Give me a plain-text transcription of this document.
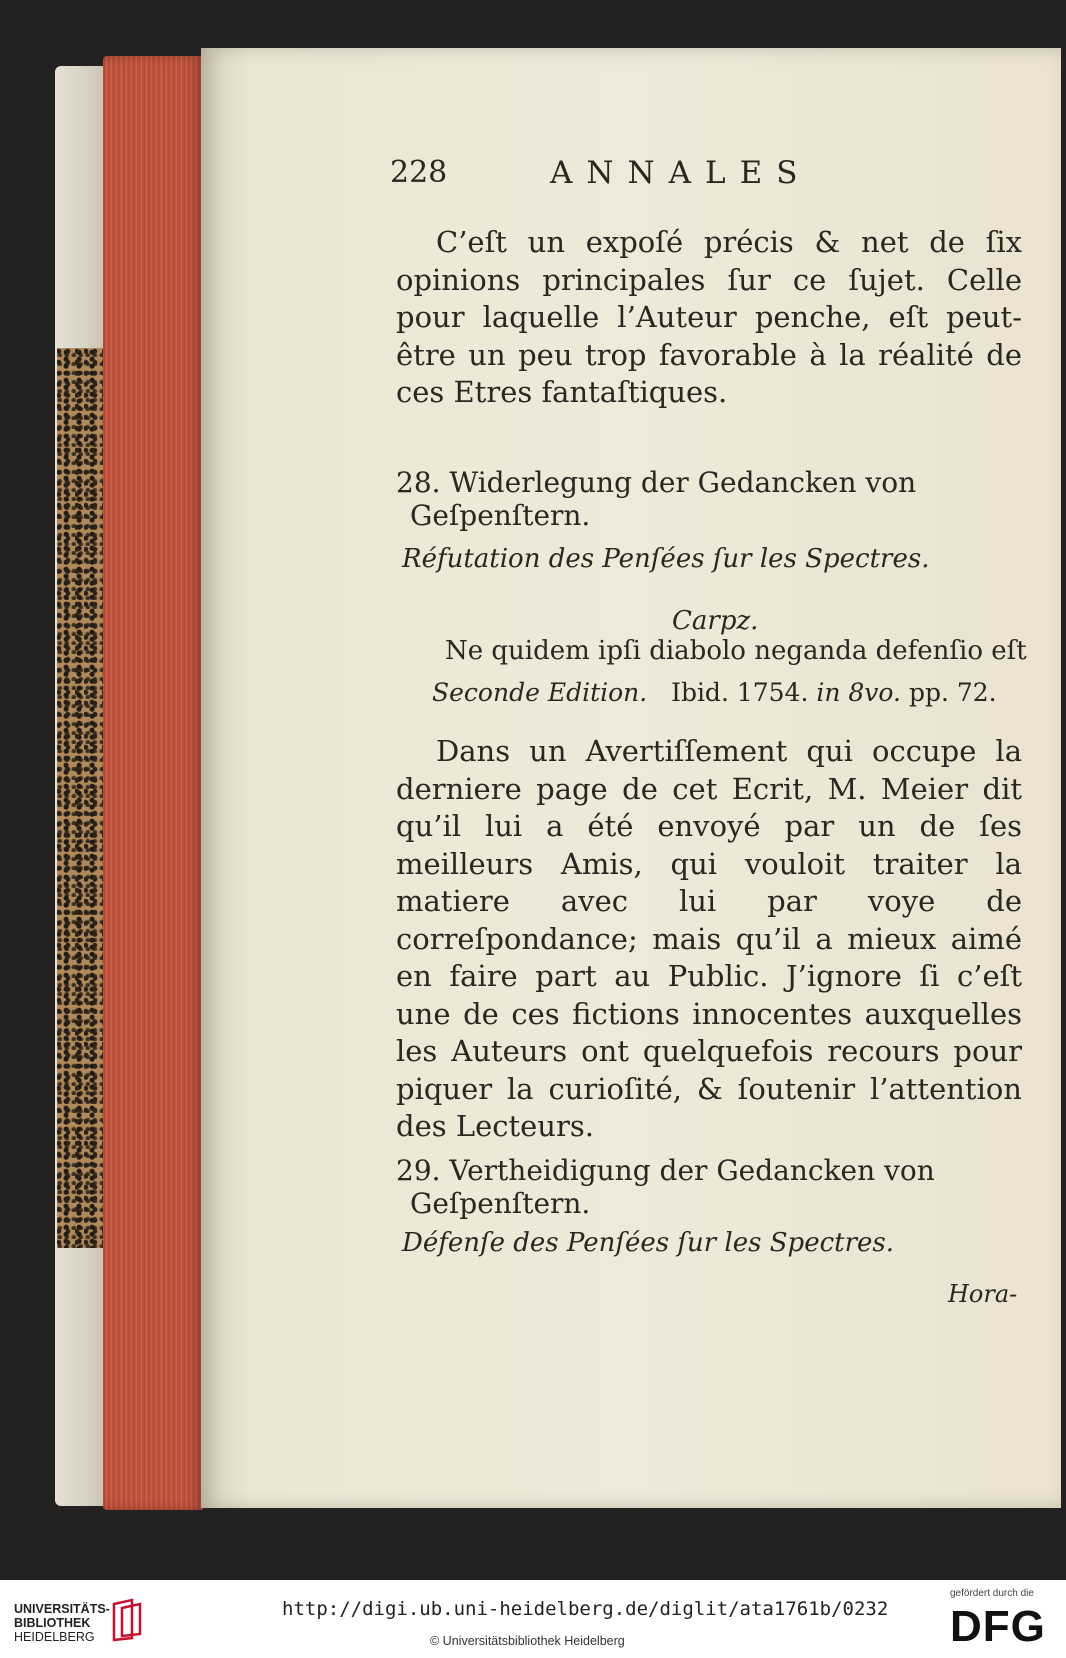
228	ANNALES
C’eſt un expoſé précis & net de ſix opinions principales ſur ce ſujet. Celle pour laquelle l’Auteur penche, eſt peut-être un peu trop favorable à la réalité de ces Etres fantaſtiques.
28. Widerlegung der Gedancken von Geſpenſtern.
Réfutation des Penſées ſur les Spectres.
Carpz.
Ne quidem ipſi diabolo neganda defenſio eſt
Seconde Edition. Ibid. 1754. in 8vo. pp. 72.
Dans un Avertiſſement qui occupe la derniere page de cet Ecrit, M. Meier dit qu’il lui a été envoyé par un de ſes meilleurs Amis, qui vouloit traiter la matiere avec lui par voye de correſpondance; mais qu’il a mieux aimé en faire part au Public. J’ignore ſi c’eſt une de ces fictions innocentes auxquelles les Auteurs ont quelquefois recours pour piquer la curioſité, & ſoutenir l’attention des Lecteurs.
29. Vertheidigung der Gedancken von Geſpenſtern.
Défenſe des Penſées ſur les Spectres.
Hora-
UNIVERSITÄTS-
BIBLIOTHEK
HEIDELBERG
http://digi.ub.uni-heidelberg.de/diglit/ata1761b/0232
© Universitätsbibliothek Heidelberg
gefördert durch die
DFG
